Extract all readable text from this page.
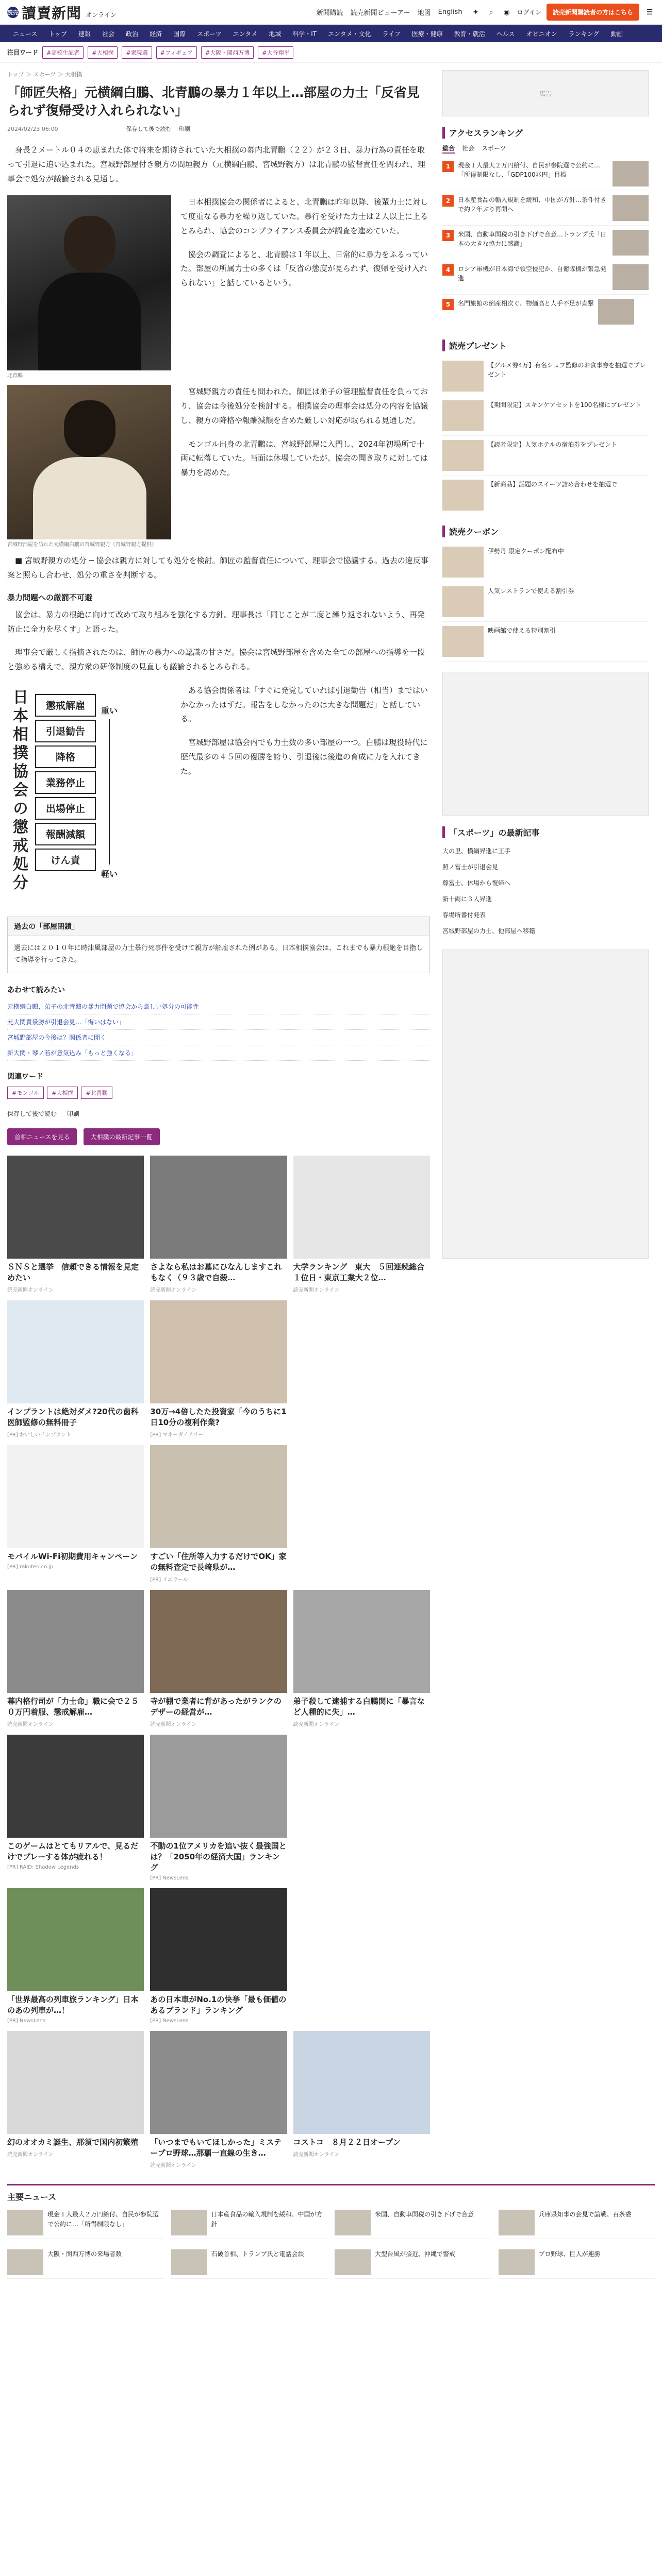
読売 讀賣新聞 オンライン	新聞購読 読売新聞ビューアー 地図 English ✦	⌕	◉	ログイン	読売新聞購読者の方はこちら	☰
ニュース	トップ	速報	社会	政治	経済	国際	スポーツ	エンタメ	地域	科学・IT	エンタメ・文化	ライフ	医療・健康	教育・就活	ヘルス	オピニオン	ランキング	動画
注目ワード	#高校生記者	#大相撲	#衆院選	#フィギュア	#大阪・関西万博	#大谷翔平
トップ ＞ スポーツ ＞ 大相撲
「師匠失格」元横綱白鵬、北青鵬の暴力１年以上…部屋の力士「反省見られず復帰受け入れられない」
2024/02/23 06:00	保存して後で読む 印刷

身長２メートル０４の恵まれた体で将来を期待されていた大相撲の幕内北青鵬（２２）が２３日、暴力行為の責任を取って引退に追い込まれた。宮城野部屋付き親方の間垣親方（元横綱白鵬、宮城野親方）は北青鵬の監督責任を問われ、理事会で処分が議論される見通し。

北青鵬

日本相撲協会の関係者によると、北青鵬は昨年以降、後輩力士に対して度重なる暴力を繰り返していた。暴行を受けた力士は２人以上に上るとみられ、協会のコンプライアンス委員会が調査を進めていた。

協会の調査によると、北青鵬は１年以上、日常的に暴力をふるっていた。部屋の所属力士の多くは「反省の態度が見られず、復帰を受け入れられない」と話しているという。

宮城野部屋を訪れた元横綱白鵬の宮城野親方（宮城野親方提供）

宮城野親方の責任も問われた。師匠は弟子の管理監督責任を負っており、協会は今後処分を検討する。相撲協会の理事会は処分の内容を協議し、親方の降格や報酬減額を含めた厳しい対応が取られる見通しだ。

モンゴル出身の北青鵬は、宮城野部屋に入門し、2024年初場所で十両に転落していた。当面は休場していたが、協会の聞き取りに対しては暴力を認めた。

■ 宮城野親方の処分 ─ 協会は親方に対しても処分を検討。師匠の監督責任について、理事会で協議する。過去の違反事案と照らし合わせ、処分の重さを判断する。

暴力問題への厳罰不可避

協会は、暴力の根絶に向けて改めて取り組みを強化する方針。理事長は「同じことが二度と繰り返されないよう、再発防止に全力を尽くす」と語った。

理事会で厳しく指摘されたのは、師匠の暴力への認識の甘さだ。協会は宮城野部屋を含めた全ての部屋への指導を一段と強める構えで、親方衆の研修制度の見直しも議論されるとみられる。

日本相撲協会の懲戒処分	懲戒解雇
引退勧告
降格
業務停止
出場停止
報酬減額
けん責
重い
軽い

ある協会関係者は「すぐに発覚していれば引退勧告（相当）まではいかなかったはずだ。報告をしなかったのは大きな問題だ」と話している。

宮城野部屋は協会内でも力士数の多い部屋の一つ。白鵬は現役時代に歴代最多の４５回の優勝を誇り、引退後は後進の育成に力を入れてきた。

過去の「部屋閉鎖」
過去には２０１０年に時津風部屋の力士暴行死事件を受けて親方が解雇された例がある。日本相撲協会は、これまでも暴力根絶を目指して指導を行ってきた。
あわせて読みたい
元横綱白鵬、弟子の北青鵬の暴力問題で協会から厳しい処分の可能性
元大関貴景勝が引退会見…「悔いはない」
宮城野部屋の今後は？関係者に聞く
新大関・琴ノ若が意気込み「もっと強くなる」
関連ワード
#モンゴル	#大相撲	#北青鵬
保存して後で読む 印刷
首相ニュースを見る	大相撲の最新記事一覧
ＳＮＳと選挙　信頼できる情報を見定めたい
読売新聞オンライン
さよなら私はお墓にひなんしますこれもなく（９３歳で自殺…
読売新聞オンライン
大学ランキング　東大　５回連続総合１位日・東京工業大２位…
読売新聞オンライン
インプラントは絶対ダメ?20代の歯科医師監修の無料冊子
[PR] おいしいインプラント
30万→4倍したた投資家「今のうちに1日10分の複利作業?
[PR] マネーダイアリー
モバイルWi-Fi初期費用キャンペーン
[PR] rakuten.co.jp
すごい「住所等入力するだけでOK」家の無料査定で長崎県が…
[PR] イエウール
幕内格行司が「力士命」職に会で２５０万円着服、懲戒解雇…
読売新聞オンライン
寺が棚で業者に背があったがランクのデザーの経営が…
読売新聞オンライン
弟子殺して逮捕する白鵬関に「暴言など人種的に失」…
読売新聞オンライン
このゲームはとてもリアルで、見るだけでプレーする体が疲れる！
[PR] RAID: Shadow Legends
不動の1位アメリカを追い抜く最強国とは？「2050年の経済大国」ランキング
[PR] NewsLens
「世界最高の列車旅ランキング」日本のあの列車が…！
[PR] NewsLens
あの日本車がNo.1の快挙「最も価値のあるブランド」ランキング
[PR] NewsLens
幻のオオカミ誕生、那須で国内初繁殖
読売新聞オンライン
「いつまでもいてほしかった」ミステープロ野球…那覇一直線の生き…
読売新聞オンライン
コストコ　８月２２日オープン
読売新聞オンライン
広告
アクセスランキング
総合 社会 スポーツ
1	現金１人最大２万円給付、自民が参院選で公約に…「所得制限なし、「GDP100兆円」目標
2	日本産食品の輸入規制を緩和、中国が方針…条件付きで約２年ぶり再開へ
3	米国、自動車関税の引き下げで合意…トランプ氏「日本の大きな協力に感謝」
4	ロシア軍機が日本海で領空侵犯か、自衛隊機が緊急発進
5	名門旅館の倒産相次ぐ、物価高と人手不足が直撃
読売プレゼント
【グルメ券4万】有名シェフ監修のお食事券を抽選でプレゼント
【期間限定】スキンケアセットを100名様にプレゼント
【読者限定】人気ホテルの宿泊券をプレゼント
【新商品】話題のスイーツ詰め合わせを抽選で
読売クーポン
伊勢丹 限定クーポン配布中
人気レストランで使える割引券
映画館で使える特別割引
「スポーツ」の最新記事
大の里、横綱昇進に王手
照ノ富士が引退会見
尊富士、休場から復帰へ
新十両に３人昇進
春場所番付発表
宮城野部屋の力士、他部屋へ移籍
主要ニュース
現金１人最大２万円給付、自民が参院選で公約に…「所得制限なし」
日本産食品の輸入規制を緩和、中国が方針
米国、自動車関税の引き下げで合意	兵庫県知事の会見で論戦、百条委
大阪・関西万博の来場者数	石破首相、トランプ氏と電話会談	大型台風が接近、沖縄で警戒	プロ野球、巨人が連勝
